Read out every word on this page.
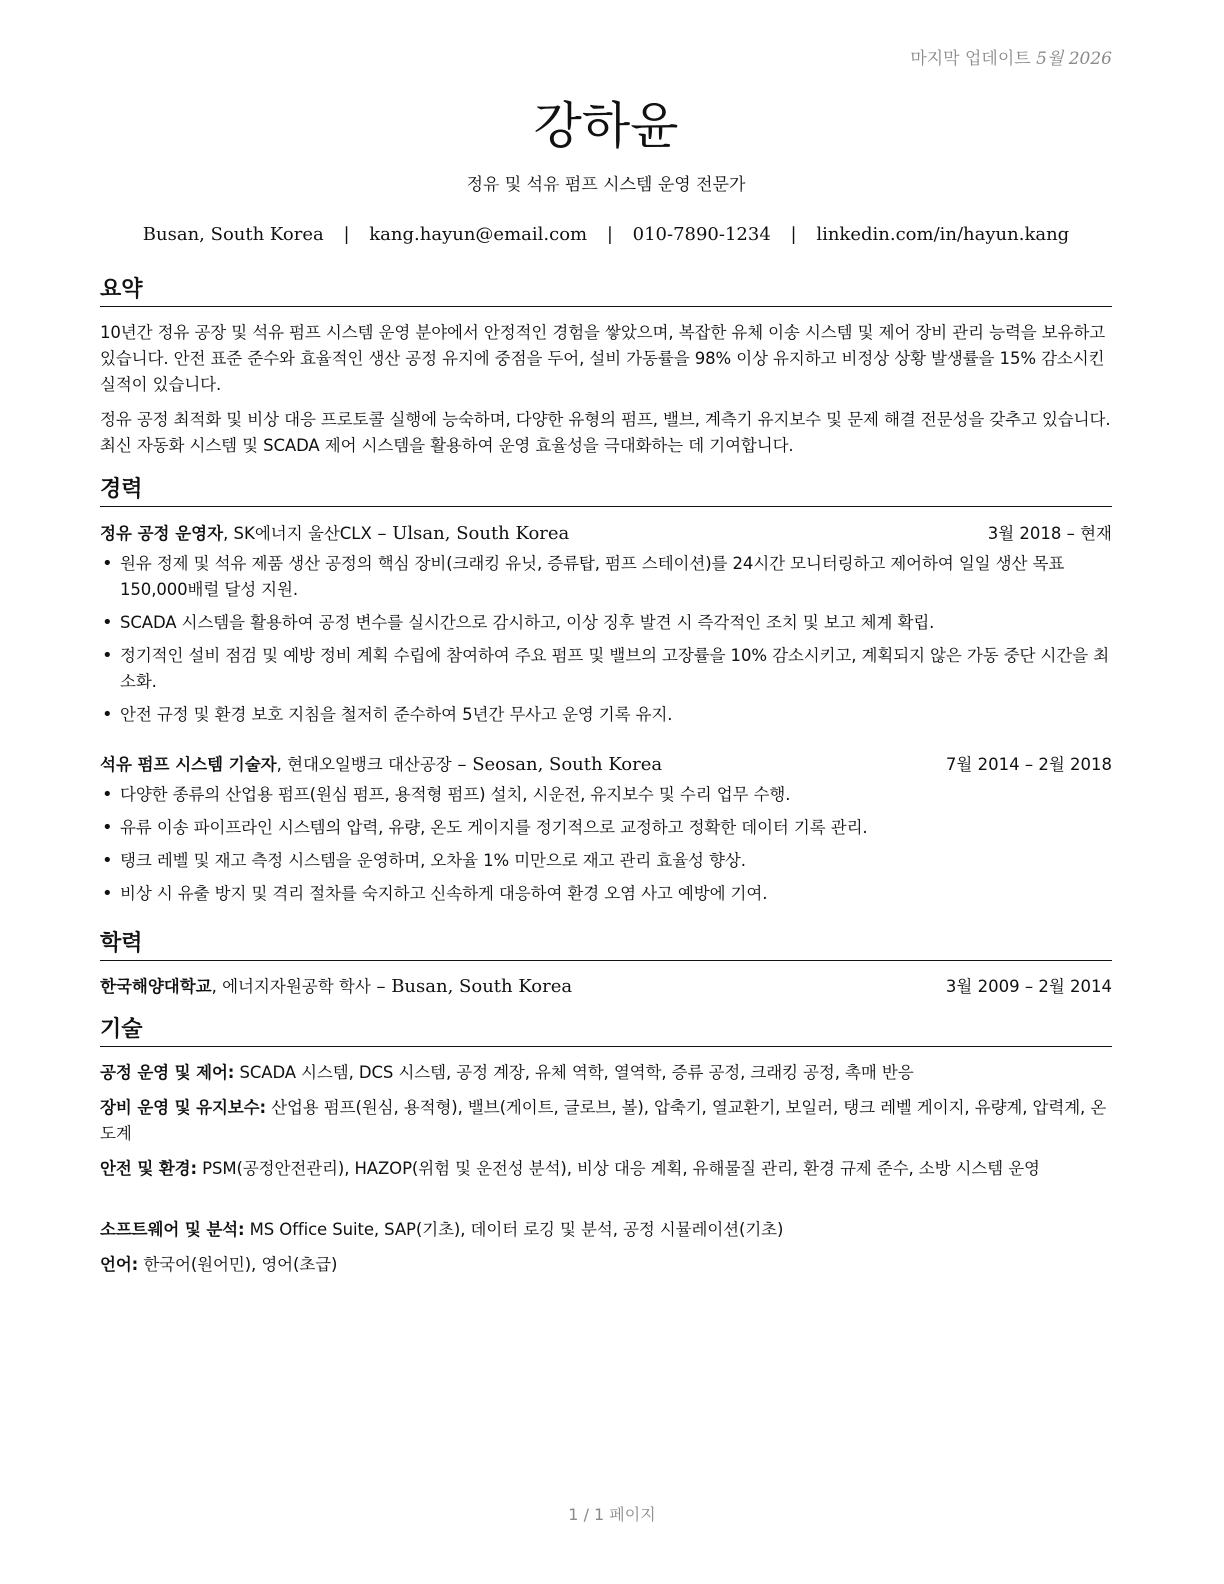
마지막 업데이트 5월 2026
강하윤
정유 및 석유 펌프 시스템 운영 전문가
Busan, South Korea | kang.hayun@email.com | 010-7890-1234 | linkedin.com/in/hayun.kang
요약
10년간 정유 공장 및 석유 펌프 시스템 운영 분야에서 안정적인 경험을 쌓았으며, 복잡한 유체 이송 시스템 및 제어 장비 관리 능력을 보유하고 있습니다. 안전 표준 준수와 효율적인 생산 공정 유지에 중점을 두어, 설비 가동률을 98% 이상 유지하고 비정상 상황 발생률을 15% 감소시킨 실적이 있습니다.
정유 공정 최적화 및 비상 대응 프로토콜 실행에 능숙하며, 다양한 유형의 펌프, 밸브, 계측기 유지보수 및 문제 해결 전문성을 갖추고 있습니다. 최신 자동화 시스템 및 SCADA 제어 시스템을 활용하여 운영 효율성을 극대화하는 데 기여합니다.
경력
정유 공정 운영자, SK에너지 울산CLX – Ulsan, South Korea	3월 2018 – 현재
• 원유 정제 및 석유 제품 생산 공정의 핵심 장비(크래킹 유닛, 증류탑, 펌프 스테이션)를 24시간 모니터링하고 제어하여 일일 생산 목표 150,000배럴 달성 지원.
• SCADA 시스템을 활용하여 공정 변수를 실시간으로 감시하고, 이상 징후 발견 시 즉각적인 조치 및 보고 체계 확립.
• 정기적인 설비 점검 및 예방 정비 계획 수립에 참여하여 주요 펌프 및 밸브의 고장률을 10% 감소시키고, 계획되지 않은 가동 중단 시간을 최소화.
• 안전 규정 및 환경 보호 지침을 철저히 준수하여 5년간 무사고 운영 기록 유지.
석유 펌프 시스템 기술자, 현대오일뱅크 대산공장 – Seosan, South Korea	7월 2014 – 2월 2018
• 다양한 종류의 산업용 펌프(원심 펌프, 용적형 펌프) 설치, 시운전, 유지보수 및 수리 업무 수행.
• 유류 이송 파이프라인 시스템의 압력, 유량, 온도 게이지를 정기적으로 교정하고 정확한 데이터 기록 관리.
• 탱크 레벨 및 재고 측정 시스템을 운영하며, 오차율 1% 미만으로 재고 관리 효율성 향상.
• 비상 시 유출 방지 및 격리 절차를 숙지하고 신속하게 대응하여 환경 오염 사고 예방에 기여.
학력
한국해양대학교, 에너지자원공학 학사 – Busan, South Korea	3월 2009 – 2월 2014
기술
공정 운영 및 제어: SCADA 시스템, DCS 시스템, 공정 계장, 유체 역학, 열역학, 증류 공정, 크래킹 공정, 촉매 반응
장비 운영 및 유지보수: 산업용 펌프(원심, 용적형), 밸브(게이트, 글로브, 볼), 압축기, 열교환기, 보일러, 탱크 레벨 게이지, 유량계, 압력계, 온도계
안전 및 환경: PSM(공정안전관리), HAZOP(위험 및 운전성 분석), 비상 대응 계획, 유해물질 관리, 환경 규제 준수, 소방 시스템 운영
소프트웨어 및 분석: MS Office Suite, SAP(기초), 데이터 로깅 및 분석, 공정 시뮬레이션(기초)
언어: 한국어(원어민), 영어(초급)
1 / 1 페이지
